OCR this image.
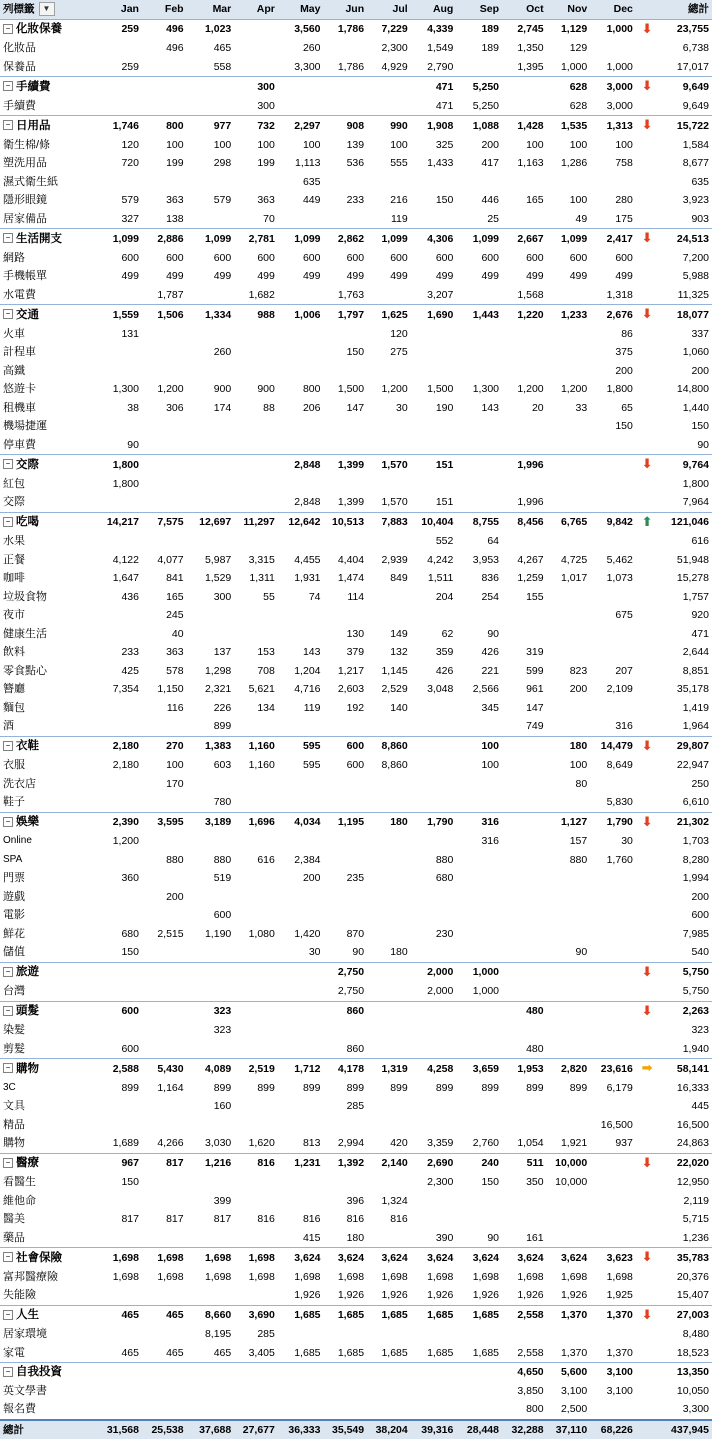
列標籤 ▼	Jan	Feb	Mar	Apr	May	Jun	Jul	Aug	Sep	Oct	Nov	Dec		總計
− 化妝保養	259	496	1,023		3,560	1,786	7,229	4,339	189	2,745	1,129	1,000	⬇	23,755
化妝品		496	465		260		2,300	1,549	189	1,350	129			6,738
保養品	259		558		3,300	1,786	4,929	2,790		1,395	1,000	1,000		17,017
− 手續費				300				471	5,250		628	3,000	⬇	9,649
手續費				300				471	5,250		628	3,000		9,649
− 日用品	1,746	800	977	732	2,297	908	990	1,908	1,088	1,428	1,535	1,313	⬇	15,722
衛生棉/條	120	100	100	100	100	139	100	325	200	100	100	100		1,584
塑洗用品	720	199	298	199	1,113	536	555	1,433	417	1,163	1,286	758		8,677
濕式衛生紙					635									635
隱形眼鏡	579	363	579	363	449	233	216	150	446	165	100	280		3,923
居家備品	327	138		70			119		25		49	175		903
− 生活開支	1,099	2,886	1,099	2,781	1,099	2,862	1,099	4,306	1,099	2,667	1,099	2,417	⬇	24,513
網路	600	600	600	600	600	600	600	600	600	600	600	600		7,200
手機帳單	499	499	499	499	499	499	499	499	499	499	499	499		5,988
水電費		1,787		1,682		1,763		3,207		1,568		1,318		11,325
− 交通	1,559	1,506	1,334	988	1,006	1,797	1,625	1,690	1,443	1,220	1,233	2,676	⬇	18,077
火車	131						120					86		337
計程車			260			150	275					375		1,060
高鐵												200		200
悠遊卡	1,300	1,200	900	900	800	1,500	1,200	1,500	1,300	1,200	1,200	1,800		14,800
租機車	38	306	174	88	206	147	30	190	143	20	33	65		1,440
機場捷運												150		150
停車費	90													90
− 交際	1,800				2,848	1,399	1,570	151		1,996			⬇	9,764
紅包	1,800													1,800
交際					2,848	1,399	1,570	151		1,996				7,964
− 吃喝	14,217	7,575	12,697	11,297	12,642	10,513	7,883	10,404	8,755	8,456	6,765	9,842	⬆	121,046
水果								552	64					616
正餐	4,122	4,077	5,987	3,315	4,455	4,404	2,939	4,242	3,953	4,267	4,725	5,462		51,948
咖啡	1,647	841	1,529	1,311	1,931	1,474	849	1,511	836	1,259	1,017	1,073		15,278
垃圾食物	436	165	300	55	74	114		204	254	155				1,757
夜市		245										675		920
健康生活		40				130	149	62	90					471
飲料	233	363	137	153	143	379	132	359	426	319				2,644
零食點心	425	578	1,298	708	1,204	1,217	1,145	426	221	599	823	207		8,851
簪廳	7,354	1,150	2,321	5,621	4,716	2,603	2,529	3,048	2,566	961	200	2,109		35,178
麵包		116	226	134	119	192	140		345	147				1,419
酒			899							749		316		1,964
− 衣鞋	2,180	270	1,383	1,160	595	600	8,860		100		180	14,479	⬇	29,807
衣服	2,180	100	603	1,160	595	600	8,860		100		100	8,649		22,947
洗衣店		170									80			250
鞋子			780									5,830		6,610
− 娛樂	2,390	3,595	3,189	1,696	4,034	1,195	180	1,790	316		1,127	1,790	⬇	21,302
Online	1,200								316		157	30		1,703
SPA		880	880	616	2,384			880			880	1,760		8,280
門票	360		519		200	235		680						1,994
遊戲		200												200
電影			600											600
鮮花	680	2,515	1,190	1,080	1,420	870		230						7,985
儲值	150				30	90	180				90			540
− 旅遊						2,750		2,000	1,000				⬇	5,750
台灣						2,750		2,000	1,000					5,750
− 頭髮	600		323			860				480			⬇	2,263
染髮			323											323
剪髮	600					860				480				1,940
− 購物	2,588	5,430	4,089	2,519	1,712	4,178	1,319	4,258	3,659	1,953	2,820	23,616	➡	58,141
3C	899	1,164	899	899	899	899	899	899	899	899	899	6,179		16,333
文具			160			285								445
精品												16,500		16,500
購物	1,689	4,266	3,030	1,620	813	2,994	420	3,359	2,760	1,054	1,921	937		24,863
− 醫療	967	817	1,216	816	1,231	1,392	2,140	2,690	240	511	10,000		⬇	22,020
看醫生	150							2,300	150	350	10,000			12,950
維他命			399			396	1,324							2,119
醫美	817	817	817	816	816	816	816							5,715
藥品					415	180		390	90	161				1,236
− 社會保險	1,698	1,698	1,698	1,698	3,624	3,624	3,624	3,624	3,624	3,624	3,624	3,623	⬇	35,783
富邦醫療險	1,698	1,698	1,698	1,698	1,698	1,698	1,698	1,698	1,698	1,698	1,698	1,698		20,376
失能險					1,926	1,926	1,926	1,926	1,926	1,926	1,926	1,925		15,407
− 人生	465	465	8,660	3,690	1,685	1,685	1,685	1,685	1,685	2,558	1,370	1,370	⬇	27,003
居家環境			8,195	285										8,480
家電	465	465	465	3,405	1,685	1,685	1,685	1,685	1,685	2,558	1,370	1,370		18,523
− 自我投資										4,650	5,600	3,100		13,350
英文學書										3,850	3,100	3,100		10,050
報名費										800	2,500			3,300
總計	31,568	25,538	37,688	27,677	36,333	35,549	38,204	39,316	28,448	32,288	37,110	68,226		437,945
